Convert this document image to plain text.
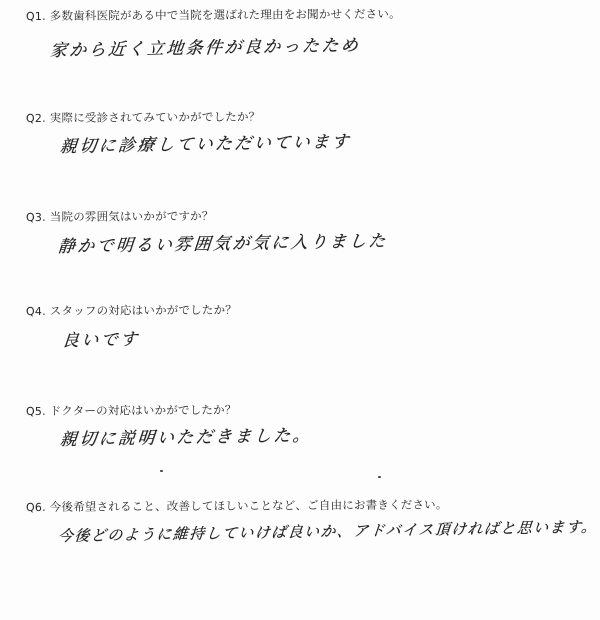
Q1. 多数歯科医院がある中で当院を選ばれた理由をお聞かせください。
家から近く立地条件が良かったため
Q2. 実際に受診されてみていかがでしたか？
親切に診療していただいています
Q3. 当院の雰囲気はいかがですか？
静かで明るい雰囲気が気に入りました
Q4. スタッフの対応はいかがでしたか？
良いです
Q5. ドクターの対応はいかがでしたか？
親切に説明いただきました。
Q6. 今後希望されること、改善してほしいことなど、ご自由にお書きください。
今後どのように維持していけば良いか、アドバイス頂ければと思います。
